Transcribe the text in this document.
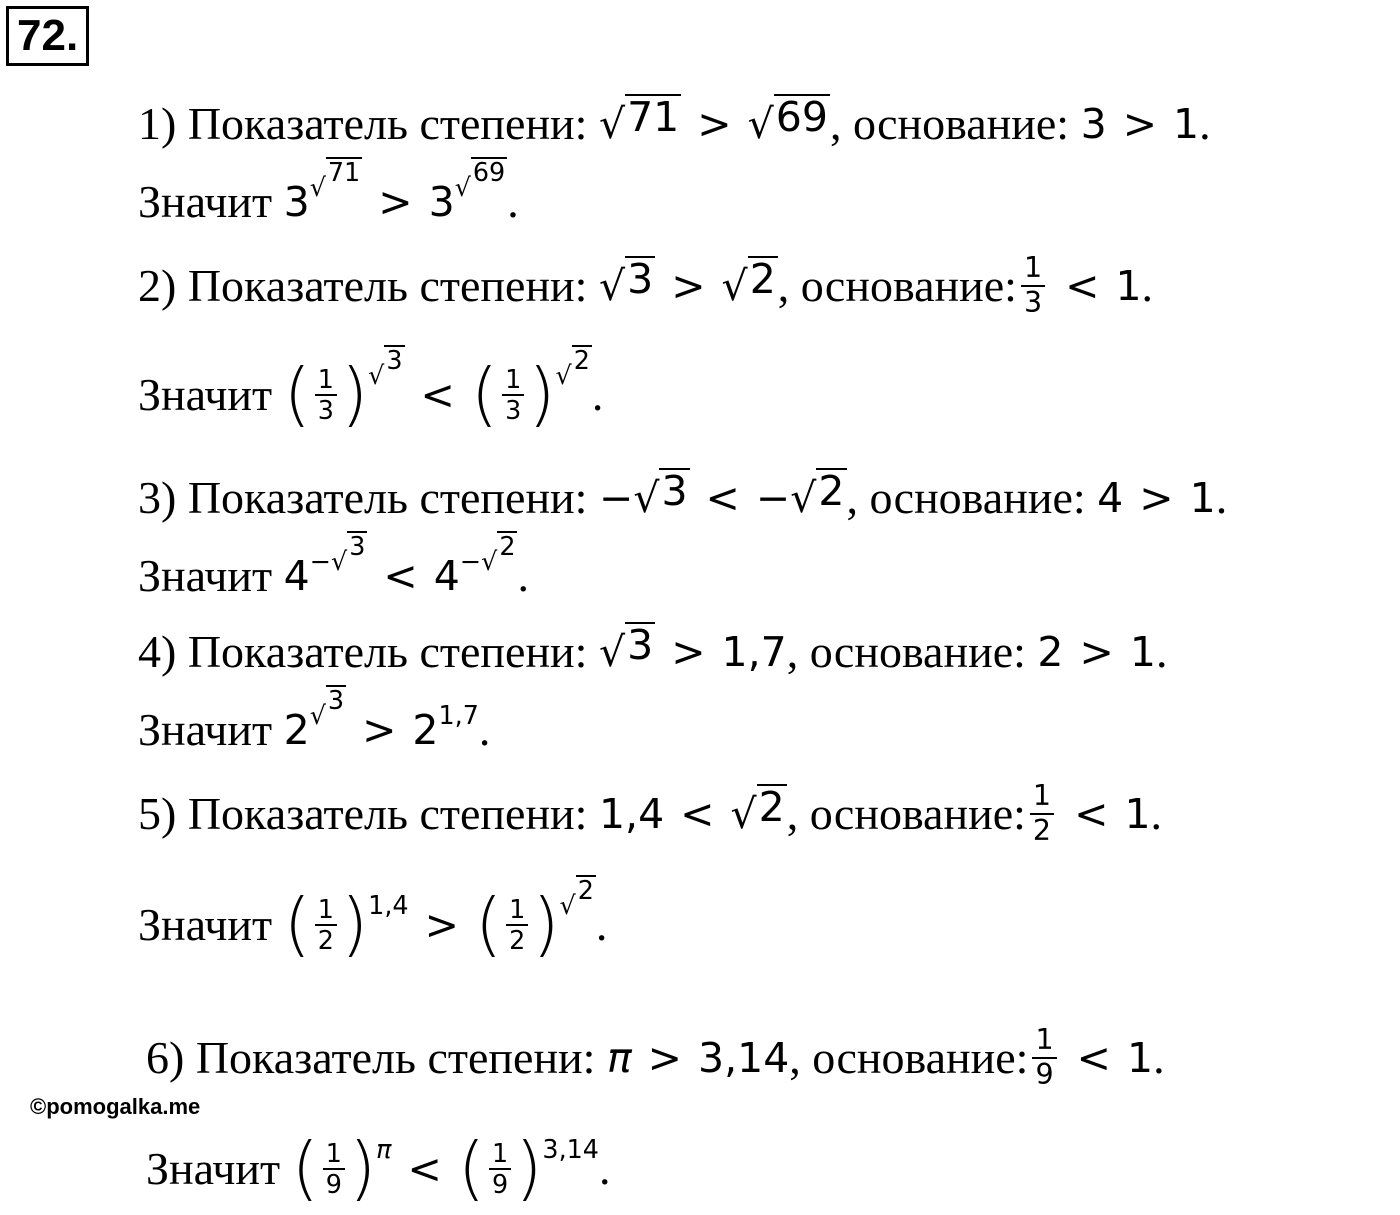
72.
1)
Показатель степени:
√ 71 > √ 69 , основание:
3 > 1 .
Значит
3 $^{√ 71}$
> 3 $^{√ 69}$
.
2)
Показатель степени:
√ 3 > √ 2 , основание: $\frac{1}{3} < 1$ .
Значит
( $\frac{1}{3}$ ) $^{√ 3}$
< ( $\frac{1}{3}$ ) $^{√ 2}$
.
3)
Показатель степени:
− √ 3 < − √ 2 , основание:
4 > 1 .
Значит
$4^{- √ 3}$
< $4^{- √ 2}$
.
4)
Показатель степени:
√ 3 > 1,7 , основание:
2 > 1 .
Значит
2 $^{√ 3}$
> $2^{1,7}$ .
5)
Показатель степени:
1,4 < √ 2 , основание: $\frac{1}{2} < 1$ .
Значит
( $\frac{1}{2} )^{1,4}$ > ( $\frac{1}{2}$ ) $^{√ 2}$
.
6)
Показатель степени:
π > 3,14 , основание: $\frac{1}{9} < 1$ .
Значит
( $\frac{1}{9} )^\pi$ < ( $\frac{1}{9} )^{3,14}$ .
©pomogalka.me
